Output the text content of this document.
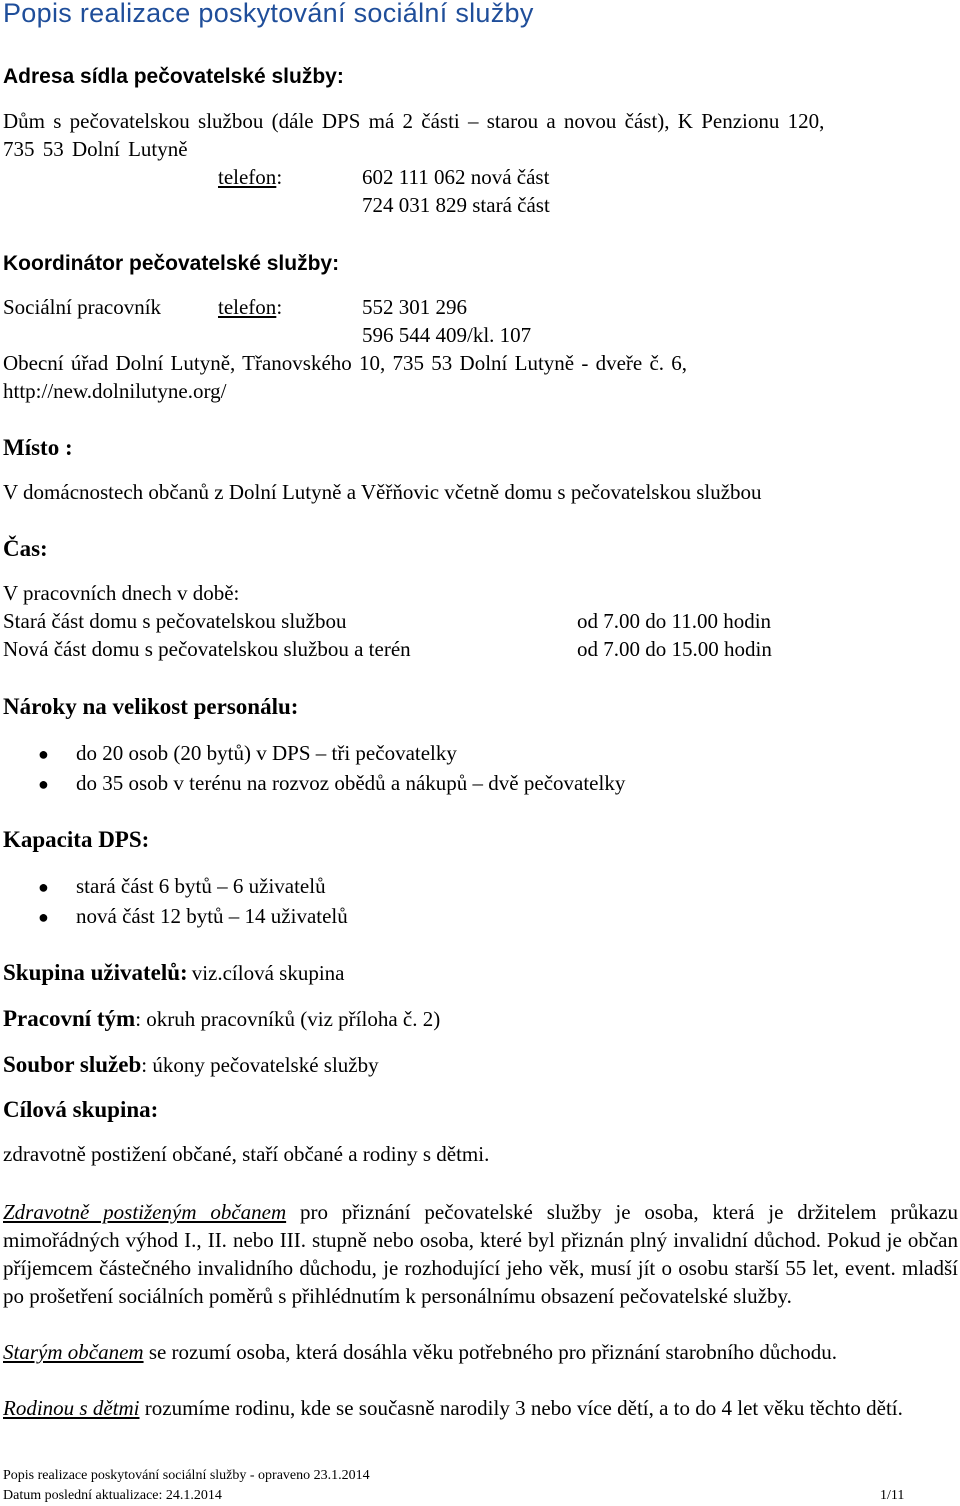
Popis realizace poskytování sociální služby
Adresa sídla pečovatelské služby:
Dům s pečovatelskou službou (dále DPS má 2 části – starou a novou část), K Penzionu 120,
735 53 Dolní Lutyně
telefon:	602 111 062 nová část
724 031 829 stará část
Koordinátor pečovatelské služby:
Sociální pracovník	telefon:	552 301 296
596 544 409/kl. 107
Obecní úřad Dolní Lutyně, Třanovského 10, 735 53 Dolní Lutyně - dveře č. 6,
http://new.dolnilutyne.org/
Místo :
V domácnostech občanů z Dolní Lutyně a Věřňovic včetně domu s pečovatelskou službou
Čas:
V pracovních dnech v době:
Stará část domu s pečovatelskou službou	od 7.00 do 11.00 hodin
Nová část domu s pečovatelskou službou a terén	od 7.00 do 15.00 hodin
Nároky na velikost personálu:
● do 20 osob (20 bytů) v DPS – tři pečovatelky
● do 35 osob v terénu na rozvoz obědů a nákupů – dvě pečovatelky
Kapacita DPS:
● stará část 6 bytů – 6 uživatelů
● nová část 12 bytů – 14 uživatelů
Skupina uživatelů: viz.cílová skupina
Pracovní tým: okruh pracovníků (viz příloha č. 2)
Soubor služeb: úkony pečovatelské služby
Cílová skupina:
zdravotně postižení občané, staří občané a rodiny s dětmi.
Zdravotně postiženým občanem pro přiznání pečovatelské služby je osoba, která je držitelem průkazu mimořádných výhod I., II. nebo III. stupně nebo osoba, které byl přiznán plný invalidní důchod. Pokud je občan příjemcem částečného invalidního důchodu, je rozhodující jeho věk, musí jít o osobu starší 55 let, event. mladší po prošetření sociálních poměrů s přihlédnutím k personálnímu obsazení pečovatelské služby.
Starým občanem se rozumí osoba, která dosáhla věku potřebného pro přiznání starobního důchodu.
Rodinou s dětmi rozumíme rodinu, kde se současně narodily 3 nebo více dětí, a to do 4 let věku těchto dětí.
Popis realizace poskytování sociální služby - opraveno 23.1.2014
Datum poslední aktualizace: 24.1.2014	1/11
